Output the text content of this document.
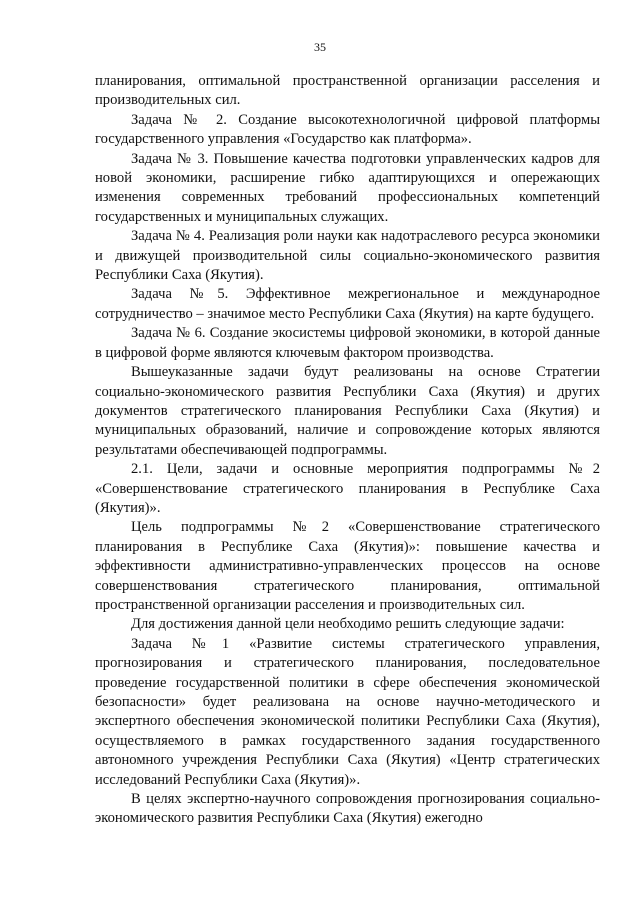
35

планирования, оптимальной пространственной организации расселения и производительных сил.

Задача № 2. Создание высокотехнологичной цифровой платформы государственного управления «Государство как платформа».

Задача № 3. Повышение качества подготовки управленческих кадров для новой экономики, расширение гибко адаптирующихся и опережающих изменения современных требований профессиональных компетенций государственных и муниципальных служащих.

Задача № 4. Реализация роли науки как надотраслевого ресурса экономики и движущей производительной силы социально-экономического развития Республики Саха (Якутия).

Задача №5. Эффективное межрегиональное и международное сотрудничество – значимое место Республики Саха (Якутия) на карте будущего.

Задача № 6. Создание экосистемы цифровой экономики, в которой данные в цифровой форме являются ключевым фактором производства.

Вышеуказанные задачи будут реализованы на основе Стратегии социально-экономического развития Республики Саха (Якутия) и других документов стратегического планирования Республики Саха (Якутия) и муниципальных образований, наличие и сопровождение которых являются результатами обеспечивающей подпрограммы.

2.1. Цели, задачи и основные мероприятия подпрограммы №2 «Совершенствование стратегического планирования в Республике Саха (Якутия)».

Цель подпрограммы №2 «Совершенствование стратегического планирования в Республике Саха (Якутия)»: повышение качества и эффективности административно-управленческих процессов на основе совершенствования стратегического планирования, оптимальной пространственной организации расселения и производительных сил.

Для достижения данной цели необходимо решить следующие задачи:

Задача №1 «Развитие системы стратегического управления, прогнозирования и стратегического планирования, последовательное проведение государственной политики в сфере обеспечения экономической безопасности» будет реализована на основе научно-методического и экспертного обеспечения экономической политики Республики Саха (Якутия), осуществляемого в рамках государственного задания государственного автономного учреждения Республики Саха (Якутия) «Центр стратегических исследований Республики Саха (Якутия)».

В целях экспертно-научного сопровождения прогнозирования социально-экономического развития Республики Саха (Якутия) ежегодно
